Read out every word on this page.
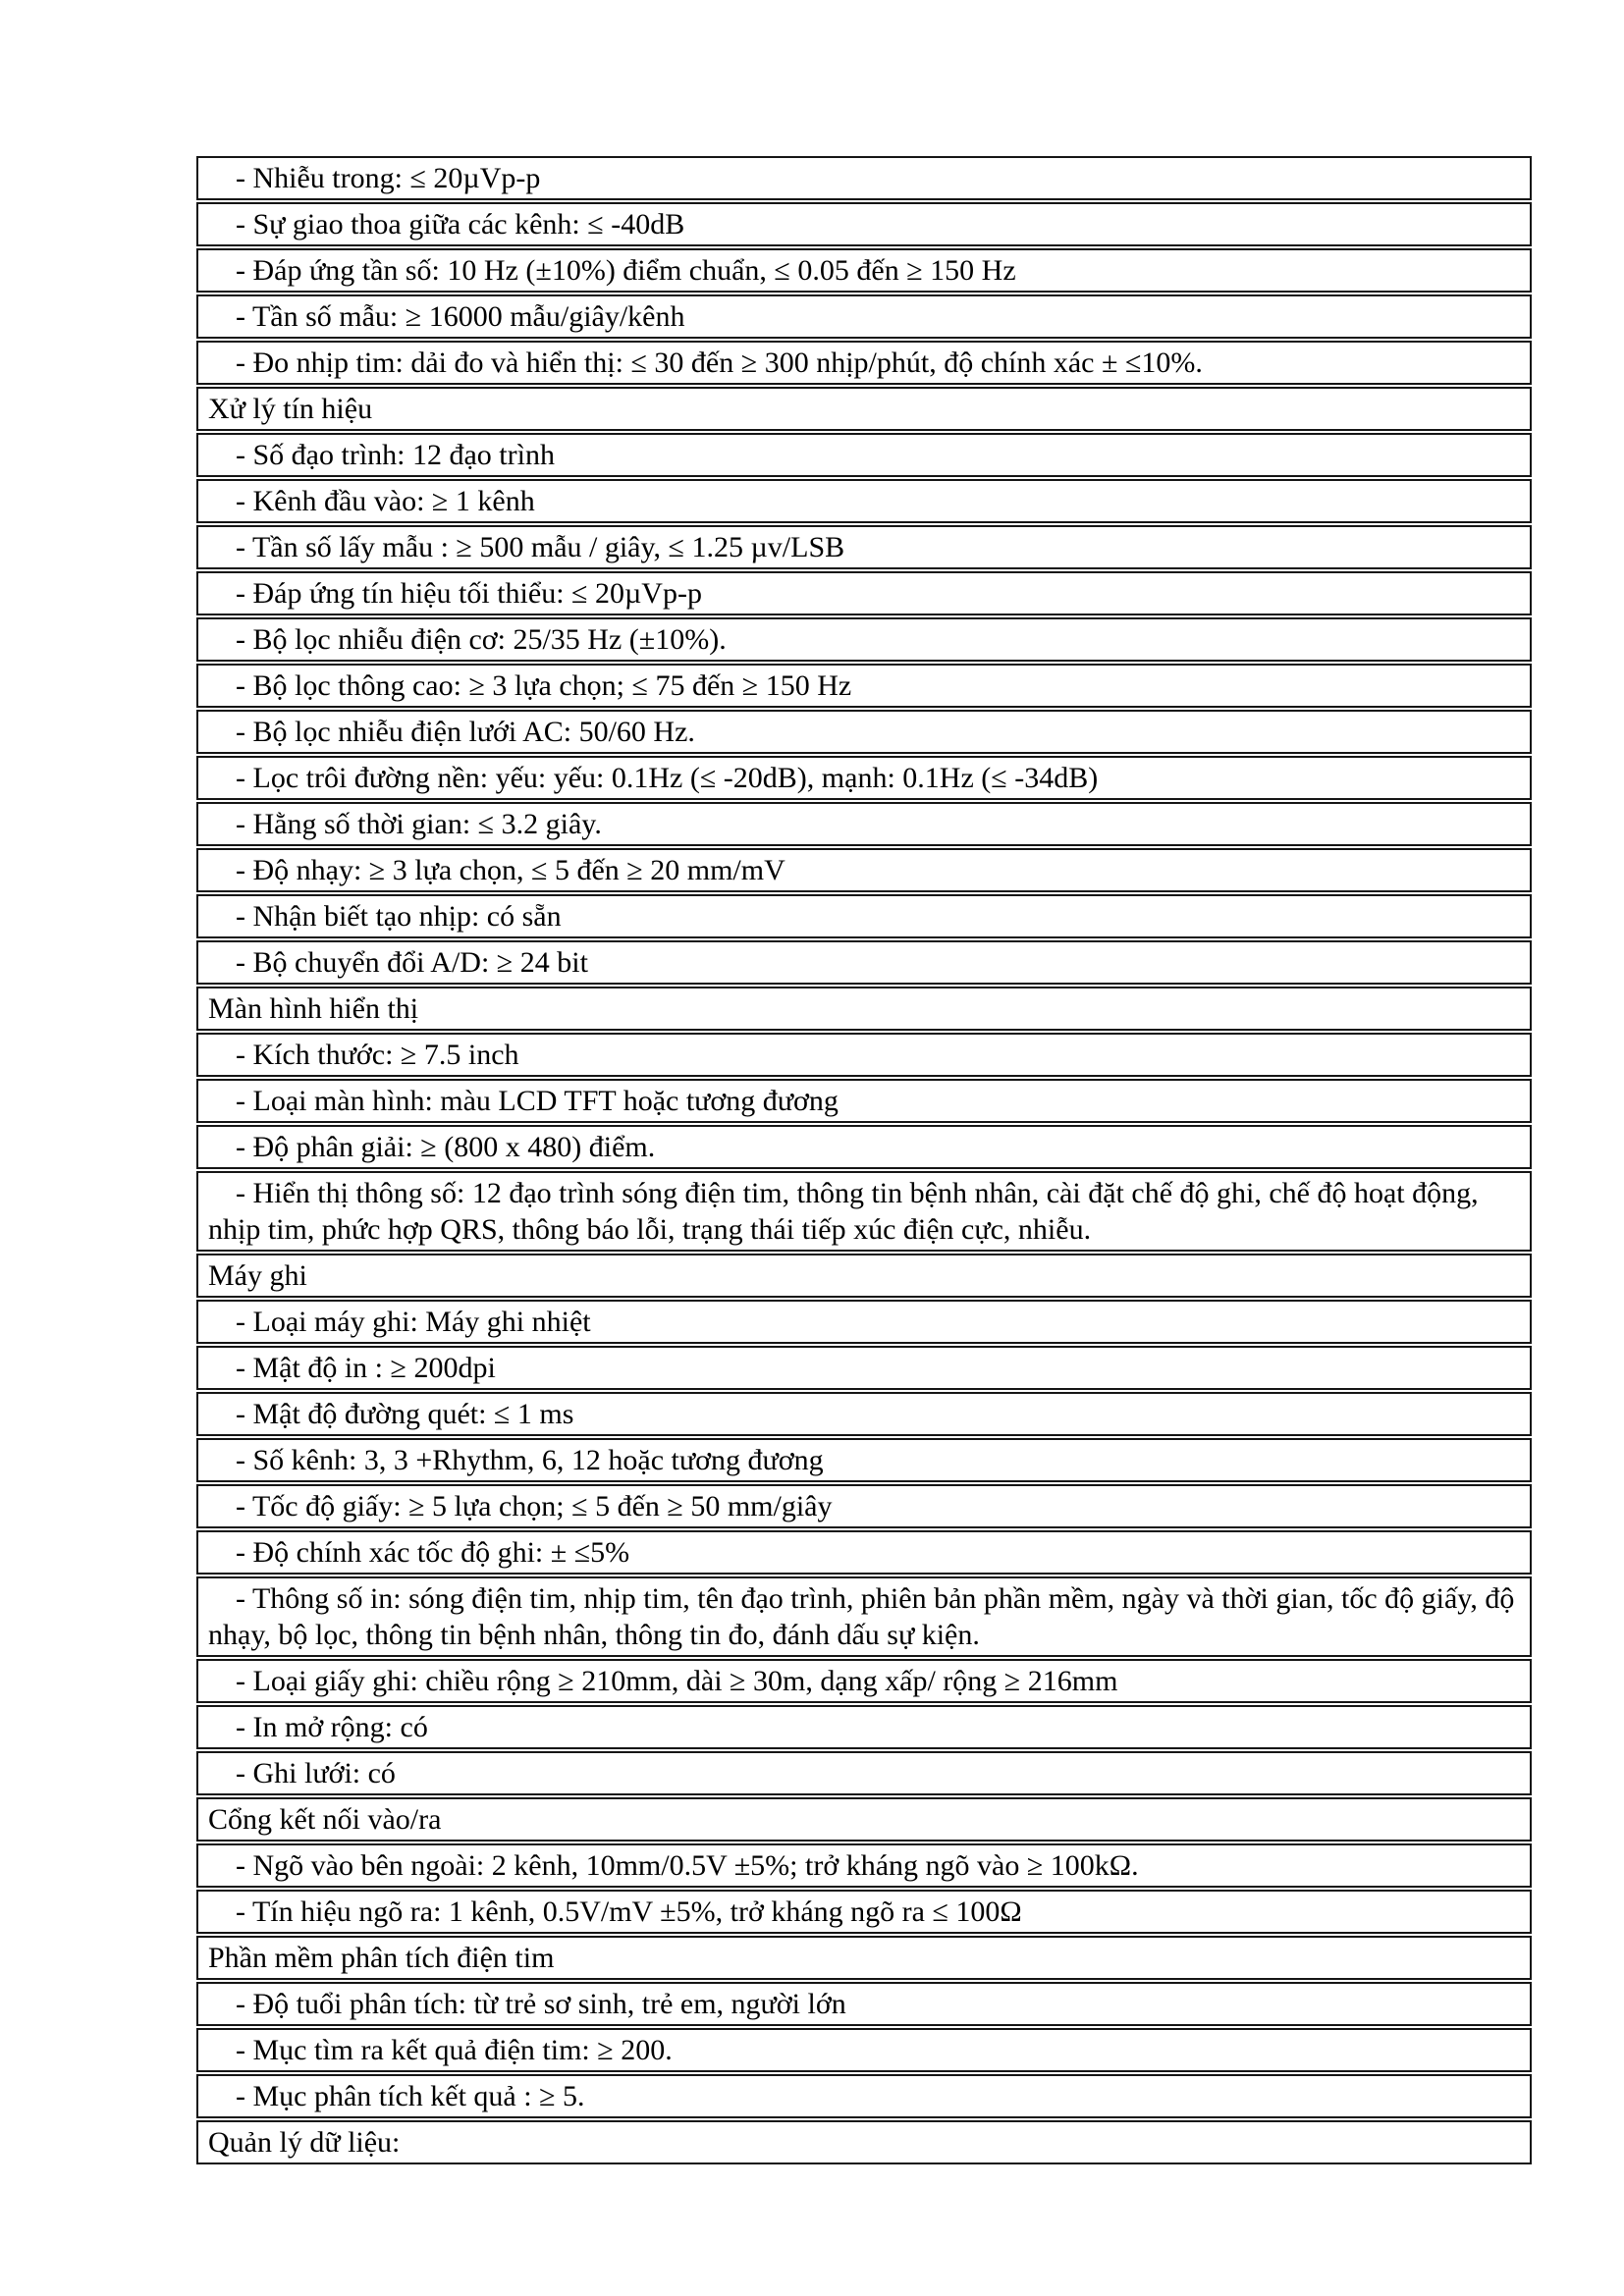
- Nhiễu trong: ≤ 20µVp-p
- Sự giao thoa giữa các kênh: ≤ -40dB
- Đáp ứng tần số: 10 Hz (±10%) điểm chuẩn, ≤ 0.05 đến ≥ 150 Hz
- Tần số mẫu: ≥ 16000 mẫu/giây/kênh
- Đo nhịp tim: dải đo và hiển thị: ≤ 30 đến ≥ 300 nhịp/phút, độ chính xác ± ≤10%.
Xử lý tín hiệu
- Số đạo trình: 12 đạo trình
- Kênh đầu vào: ≥ 1 kênh
- Tần số lấy mẫu : ≥ 500 mẫu / giây, ≤ 1.25 µv/LSB
- Đáp ứng tín hiệu tối thiểu: ≤ 20µVp-p
- Bộ lọc nhiễu điện cơ: 25/35 Hz (±10%).
- Bộ lọc thông cao: ≥ 3 lựa chọn; ≤ 75 đến ≥ 150 Hz
- Bộ lọc nhiễu điện lưới AC: 50/60 Hz.
- Lọc trôi đường nền: yếu: yếu: 0.1Hz (≤ -20dB), mạnh: 0.1Hz (≤ -34dB)
- Hằng số thời gian: ≤ 3.2 giây.
- Độ nhạy: ≥ 3 lựa chọn, ≤ 5 đến ≥ 20 mm/mV
- Nhận biết tạo nhịp: có sẵn
- Bộ chuyển đổi A/D: ≥ 24 bit
Màn hình hiển thị
- Kích thước: ≥ 7.5 inch
- Loại màn hình: màu LCD TFT hoặc tương đương
- Độ phân giải: ≥ (800 x 480) điểm.
- Hiển thị thông số: 12 đạo trình sóng điện tim, thông tin bệnh nhân, cài đặt chế độ ghi, chế độ hoạt động, nhịp tim, phức hợp QRS, thông báo lỗi, trạng thái tiếp xúc điện cực, nhiễu.
Máy ghi
- Loại máy ghi: Máy ghi nhiệt
- Mật độ in : ≥ 200dpi
- Mật độ đường quét: ≤ 1 ms
- Số kênh: 3, 3 +Rhythm, 6, 12 hoặc tương đương
- Tốc độ giấy: ≥ 5 lựa chọn; ≤ 5 đến ≥ 50 mm/giây
- Độ chính xác tốc độ ghi: ± ≤5%
- Thông số in: sóng điện tim, nhịp tim, tên đạo trình, phiên bản phần mềm, ngày và thời gian, tốc độ giấy, độ nhạy, bộ lọc, thông tin bệnh nhân, thông tin đo, đánh dấu sự kiện.
- Loại giấy ghi: chiều rộng ≥ 210mm, dài ≥ 30m, dạng xấp/ rộng ≥ 216mm
- In mở rộng: có
- Ghi lưới: có
Cổng kết nối vào/ra
- Ngõ vào bên ngoài: 2 kênh, 10mm/0.5V ±5%; trở kháng ngõ vào ≥ 100kΩ.
- Tín hiệu ngõ ra: 1 kênh, 0.5V/mV ±5%, trở kháng ngõ ra ≤ 100Ω
Phần mềm phân tích điện tim
- Độ tuổi phân tích: từ trẻ sơ sinh, trẻ em, người lớn
- Mục tìm ra kết quả điện tim: ≥ 200.
- Mục phân tích kết quả : ≥ 5.
Quản lý dữ liệu:
